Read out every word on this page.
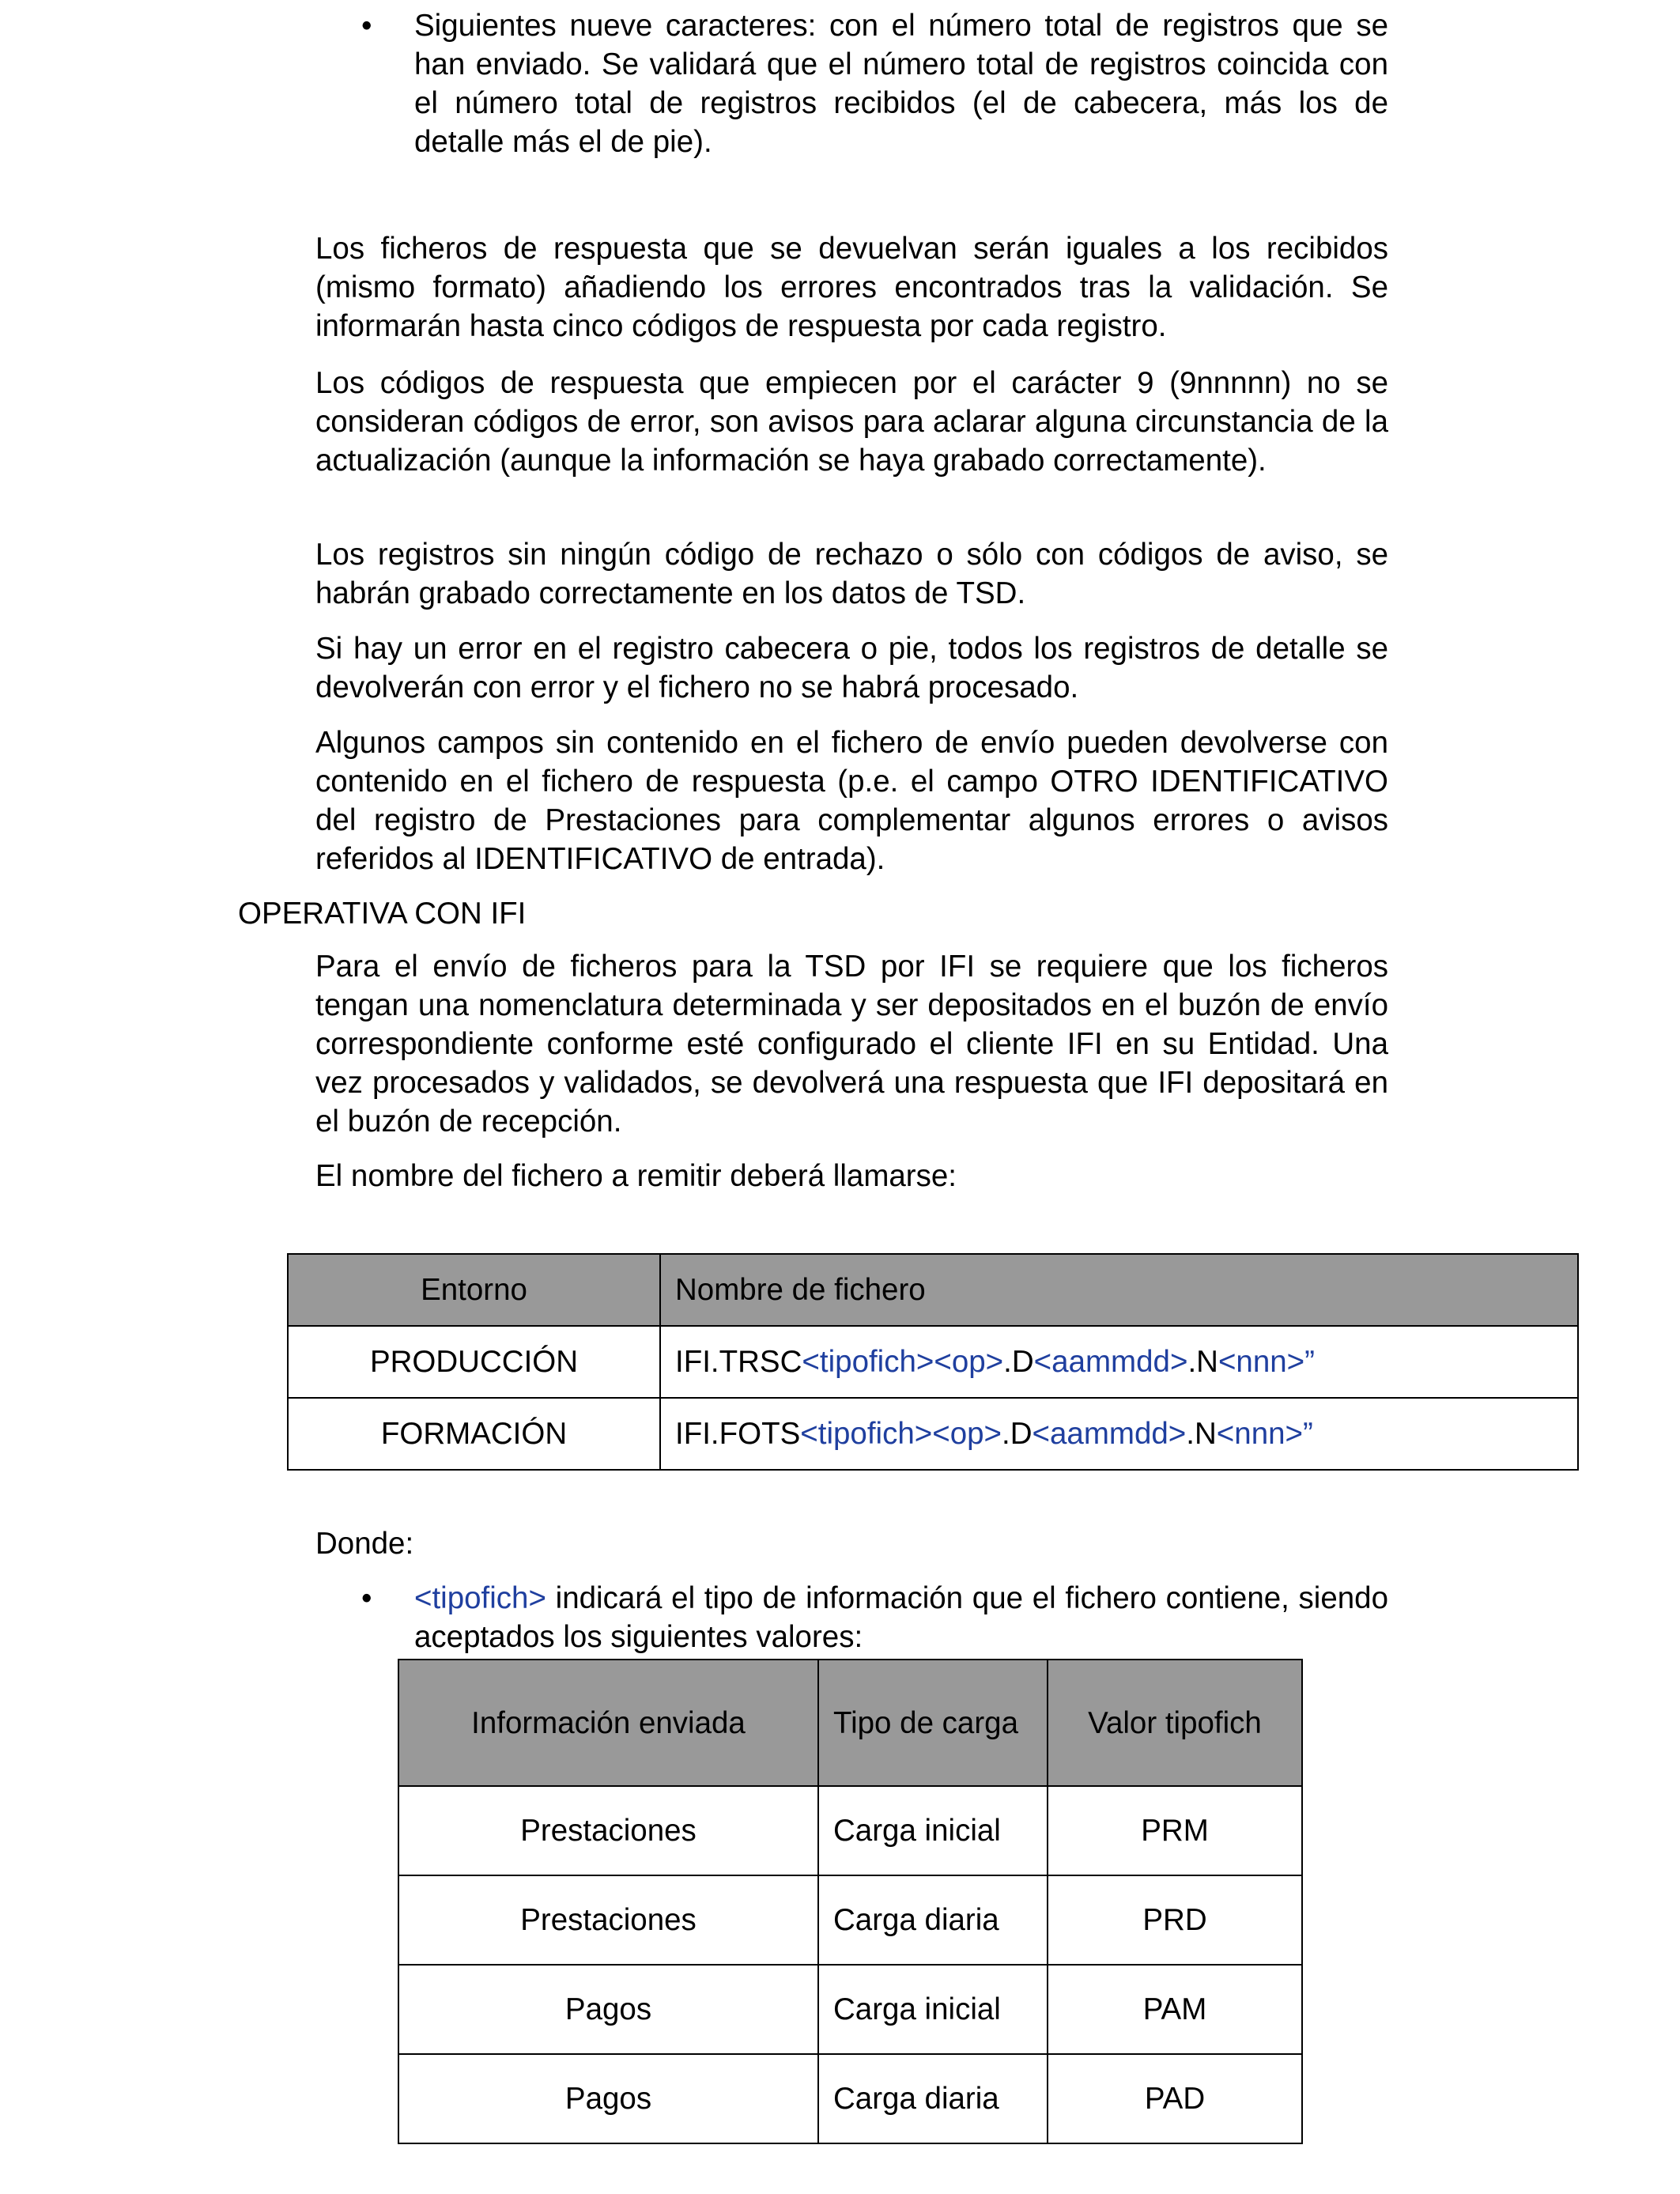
• Siguientes nueve caracteres: con el número total de registros que se han enviado. Se validará que el número total de registros coincida con el número total de registros recibidos (el de cabecera, más los de detalle más el de pie).

Los ficheros de respuesta que se devuelvan serán iguales a los recibidos (mismo formato) añadiendo los errores encontrados tras la validación. Se informarán hasta cinco códigos de respuesta por cada registro.

Los códigos de respuesta que empiecen por el carácter 9 (9nnnnn) no se consideran códigos de error, son avisos para aclarar alguna circunstancia de la actualización (aunque la información se haya grabado correctamente).

Los registros sin ningún código de rechazo o sólo con códigos de aviso, se habrán grabado correctamente en los datos de TSD.

Si hay un error en el registro cabecera o pie, todos los registros de detalle se devolverán con error y el fichero no se habrá procesado.

Algunos campos sin contenido en el fichero de envío pueden devolverse con contenido en el fichero de respuesta (p.e. el campo OTRO IDENTIFICATIVO del registro de Prestaciones para complementar algunos errores o avisos referidos al IDENTIFICATIVO de entrada).

OPERATIVA CON IFI

Para el envío de ficheros para la TSD por IFI se requiere que los ficheros tengan una nomenclatura determinada y ser depositados en el buzón de envío correspondiente conforme esté configurado el cliente IFI en su Entidad. Una vez procesados y validados, se devolverá una respuesta que IFI depositará en el buzón de recepción.

El nombre del fichero a remitir deberá llamarse:

Entorno	Nombre de fichero
PRODUCCIÓN	IFI.TRSC<tipofich><op>.D<aammdd>.N<nnn>”
FORMACIÓN	IFI.FOTS<tipofich><op>.D<aammdd>.N<nnn>”

Donde:

• <tipofich> indicará el tipo de información que el fichero contiene, siendo aceptados los siguientes valores:

Información enviada	Tipo de carga	Valor tipofich
Prestaciones	Carga inicial	PRM
Prestaciones	Carga diaria	PRD
Pagos	Carga inicial	PAM
Pagos	Carga diaria	PAD
